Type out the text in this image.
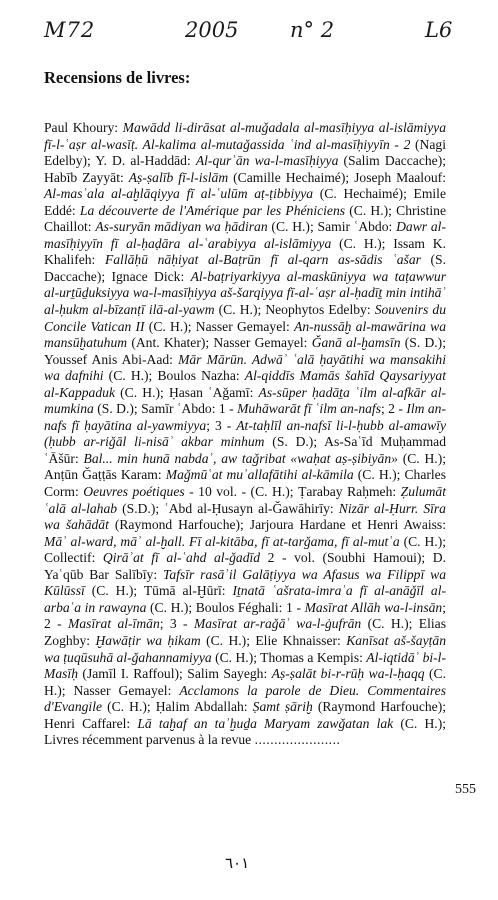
M72	2005 n° 2	L6
Recensions de livres:
Paul Khoury: Mawādd li-dirāsat al-muǧadala al-masīḥiyya al-islāmiyya fī-l-ʿaṣr al-wasīṭ. Al-kalima al-mutaǧassida ʿind al-masīḥiyyīn - 2 (Nagi Edelby); Y. D. al-Haddād: Al-qurʾān wa-l-masīḥiyya (Salim Daccache); Habīb Zayyāt: Aṣ-ṣalīb fī-l-islām (Camille Hechaimé); Joseph Maalouf: Al-masʾala al-aḫlāqiyya fī al-ʿulūm aṭ-ṭibbiyya (C. Hechaimé); Emile Eddé: La découverte de l'Amérique par les Phéniciens (C. H.); Christine Chaillot: As-suryān mādiyan wa ḥādiran (C. H.); Samir ʿAbdo: Dawr al-masīḥiyyīn fī al-ḥaḍāra al-ʿarabiyya al-islāmiyya (C. H.); Issam K. Khalifeh: Fallāḥū nāḥiyat al-Baṭrūn fī al-qarn as-sādis ʿašar (S. Daccache); Ignace Dick: Al-baṭriyarkiyya al-maskūniyya wa taṭawwur al-urṯūḏuksiyya wa-l-masīḥiyya aš-šarqiyya fī-al-ʿaṣr al-ḥadīṯ min intihāʾ al-ḥukm al-bīzanṭī ilā-al-yawm (C. H.); Neophytos Edelby: Souvenirs du Concile Vatican II (C. H.); Nasser Gemayel: An-nussāḫ al-mawārina wa mansūḫatuhum (Ant. Khater); Nasser Gemayel: Ǧanā al-ḫamsīn (S. D.); Youssef Anis Abi-Aad: Mār Mārūn. Adwāʾ ʿalā ḥayātihi wa mansakihi wa dafnihi (C. H.); Boulos Nazha: Al-qiddīs Mamās šahīd Qaysariyyat al-Kappaduk (C. H.); Ḥasan ʿAǧamī: As-sūper ḥadāṯa ʿilm al-afkār al-mumkina (S. D.); Samīr ʿAbdo: 1 - Muhāwarāt fī ʿilm an-nafs; 2 - Ilm an-nafs fī ḥayātina al-yawmiyya; 3 - At-taḥlīl an-nafsī li-l-ḥubb al-amawīy (ḥubb ar-riǧāl li-nisāʾ akbar minhum (S. D.); As-Saʿīd Muḥammad ʿĀšūr: Bal... min hunā nabdaʾ, aw taǧribat «waḥat aṣ-ṣibiyān» (C. H.); Anṭūn Ǧaṭṭās Karam: Maǧmūʿat muʾallafātihi al-kāmila (C. H.); Charles Corm: Oeuvres poétiques - 10 vol. - (C. H.); Ṭarabay Raḥmeh: Ẓulumāt ʿalā al-lahab (S.D.); ʿAbd al-Ḥusayn al-Ǧawāhirīy: Nizār al-Ḥurr. Sīra wa šahādāt (Raymond Harfouche); Jarjoura Hardane et Henri Awaiss: Māʾ al-ward, māʾ al-ḫall. Fī al-kitāba, fī at-tarǧama, fī al-mutʿa (C. H.); Collectif: Qirāʾat fī al-ʿahd al-ǧadīd 2 - vol. (Soubhi Hamoui); D. Yaʿqūb Bar Salībīy: Tafsīr rasāʾil Galāṭiyya wa Afasus wa Filippī wa Kūlūssī (C. H.); Tūmā al-Ḫūrī: Iṯnatā ʿašrata-imraʾa fī al-anāǧīl al-arbaʿa in rawayna (C. H.); Boulos Féghali: 1 - Masīrat Allāh wa-l-insān; 2 - Masīrat al-īmān; 3 - Masīrat ar-raǧāʾ wa-l-ġufrān (C. H.); Elias Zoghby: Ḫawāṭir wa ḥikam (C. H.); Elie Khnaisser: Kanīsat aš-šayṭān wa ṭuqūsuhā al-ǧahannamiyya (C. H.); Thomas a Kempis: Al-iqtidāʾ bi-l-Masīḥ (Jamīl I. Raffoul); Salim Sayegh: Aṣ-ṣalāt bi-r-rūḥ wa-l-ḥaqq (C. H.); Nasser Gemayel: Acclamons la parole de Dieu. Commentaires d'Evangile (C. H.); Ḥalim Abdallah: Ṣamt ṣāriḫ (Raymond Harfouche); Henri Caffarel: Lā taḫaf an taʾḫuḏa Maryam zawǧatan lak (C. H.); Livres récemment parvenus à la revue ......................
555
٦٠١
